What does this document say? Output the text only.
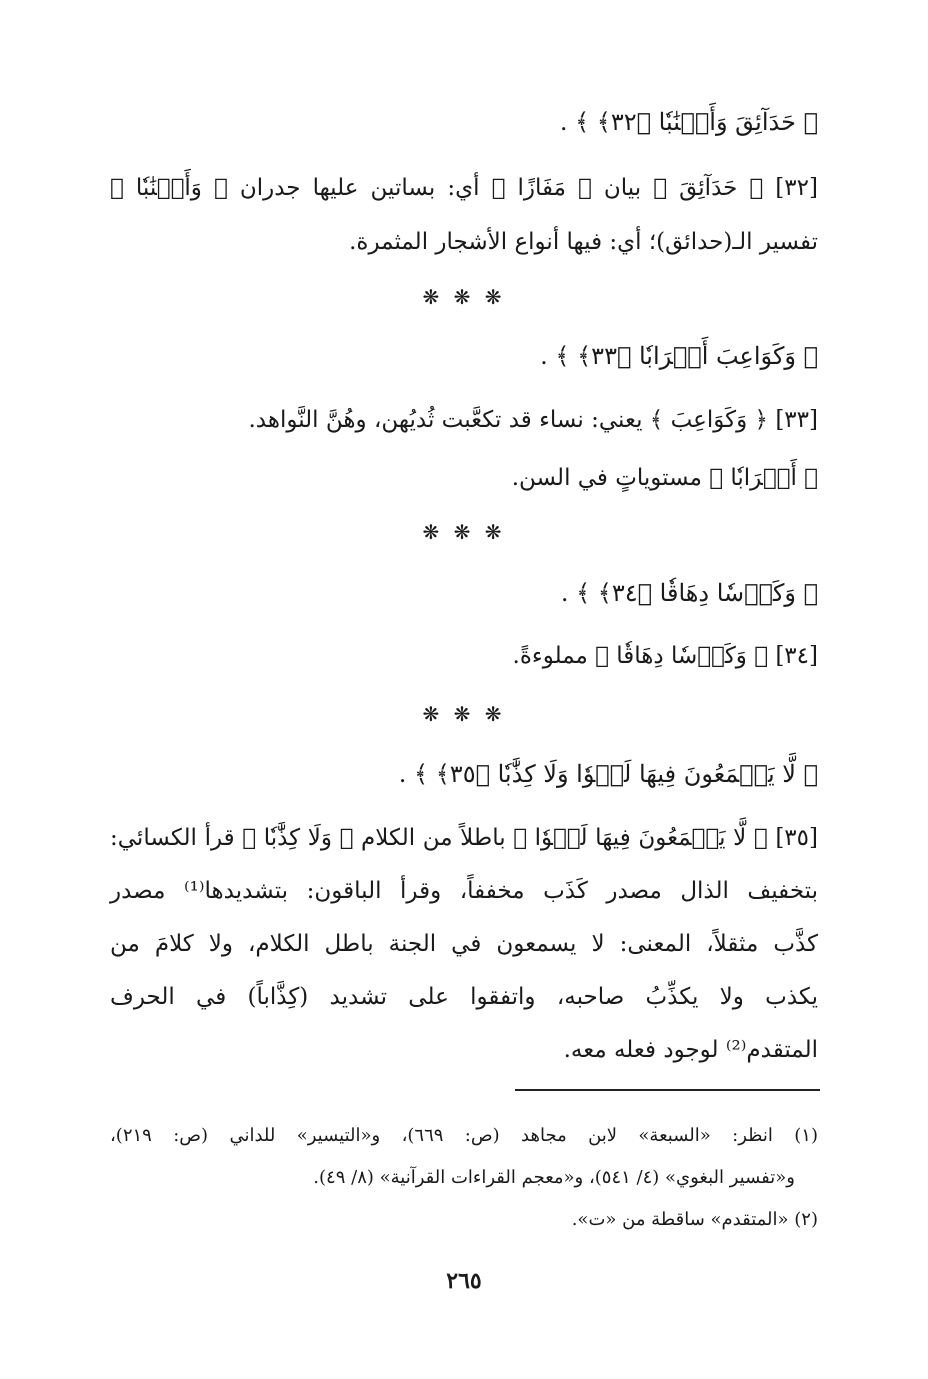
﴿ حَدَآئِقَ وَأَعۡنَٰبٗا ﴿٣٢﴾ ﴾ .
[٣٢] ﴿ حَدَآئِقَ ﴾ بيان ﴿ مَفَازًا ﴾ أي: بساتين عليها جدران ﴿ وَأَعۡنَٰبٗا ﴾
تفسير الـ(حدائق)؛ أي: فيها أنواع الأشجار المثمرة.
❋ ❋ ❋
﴿ وَكَوَاعِبَ أَتۡرَابٗا ﴿٣٣﴾ ﴾ .
[٣٣] ﴿ وَكَوَاعِبَ ﴾ يعني: نساء قد تكعَّبت ثُديُهن، وهُنَّ النَّواهد.
﴿ أَتۡرَابٗا ﴾ مستوياتٍ في السن.
❋ ❋ ❋
﴿ وَكَأۡسٗا دِهَاقٗا ﴿٣٤﴾ ﴾ .
[٣٤] ﴿ وَكَأۡسٗا دِهَاقٗا ﴾ مملوءةً.
❋ ❋ ❋
﴿ لَّا يَسۡمَعُونَ فِيهَا لَغۡوٗا وَلَا كِذَّٰبٗا ﴿٣٥﴾ ﴾ .
[٣٥] ﴿ لَّا يَسۡمَعُونَ فِيهَا لَغۡوٗا ﴾ باطلاً من الكلام ﴿ وَلَا كِذَّٰبٗا ﴾ قرأ الكسائي:
بتخفيف الذال مصدر كَذَب مخففاً، وقرأ الباقون: بتشديدها⁽¹⁾ مصدر
كذَّب مثقلاً، المعنى: لا يسمعون في الجنة باطل الكلام، ولا كلامَ من
يكذب ولا يكذِّبُ صاحبه، واتفقوا على تشديد (كِذَّاباً) في الحرف
المتقدم⁽²⁾ لوجود فعله معه.
(١) انظر: «السبعة» لابن مجاهد (ص: ٦٦٩)، و«التيسير» للداني (ص: ٢١٩)،
و«تفسير البغوي» (٤/ ٥٤١)، و«معجم القراءات القرآنية» (٨/ ٤٩).
(٢) «المتقدم» ساقطة من «ت».
٢٦٥
